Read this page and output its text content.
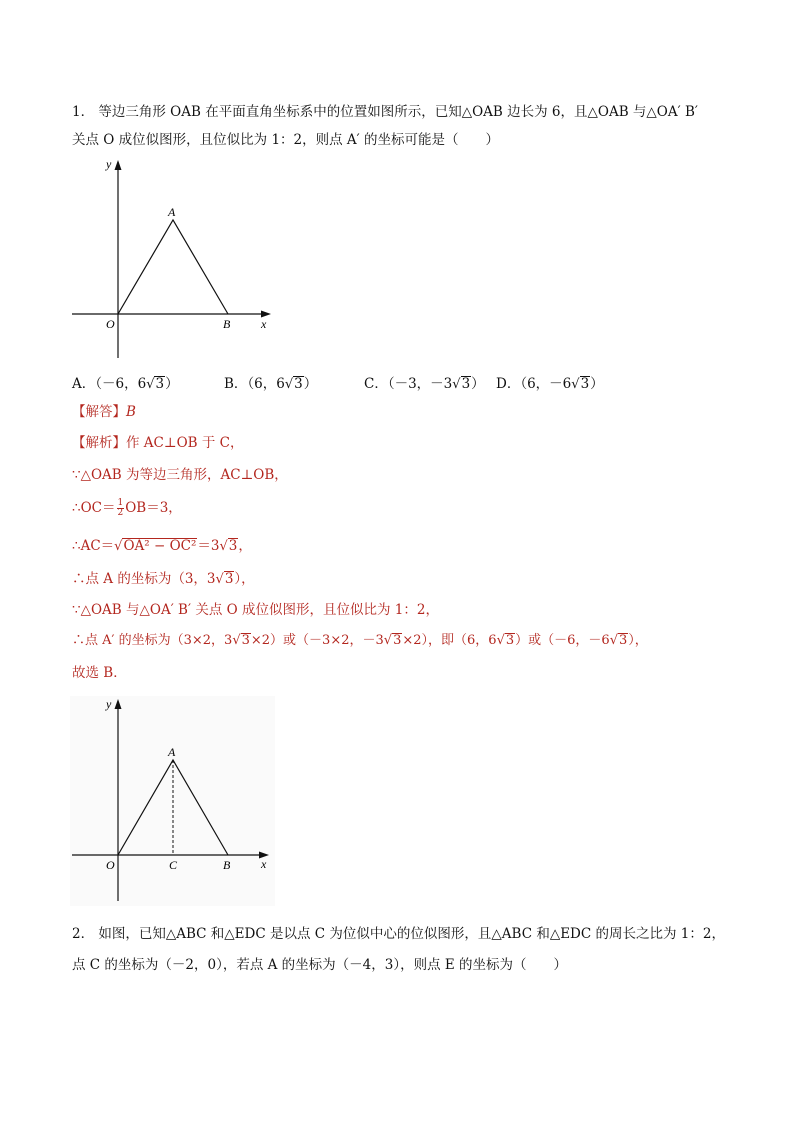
1． 等边三角形 OAB 在平面直角坐标系中的位置如图所示，已知△OAB 边长为 6，且△OAB 与△OA′ B′
关点 O 成位似图形，且位似比为 1：2，则点 A′ 的坐标可能是（　　）
y
x
O
A
B
A．（－6，6√3）	B．（6，6√3）	C．（－3，－3√3） D．（6，－6√3）
【解答】B
【解析】作 AC⊥OB 于 C，
∵△OAB 为等边三角形，AC⊥OB，
∴OC＝ $\frac{1}{2} OB=3$，
∴AC＝√OA² − OC²＝3√3，
∴点 A 的坐标为（3，3√3），
∵△OAB 与△OA′ B′ 关点 O 成位似图形，且位似比为 1：2，
∴点 A′ 的坐标为（3×2，3√3×2）或（－3×2，－3√3×2），即（6，6√3）或（－6，－6√3），
故选 B．
y
x
O
A
C	B
2． 如图，已知△ABC 和△EDC 是以点 C 为位似中心的位似图形，且△ABC 和△EDC 的周长之比为 1：2，
点 C 的坐标为（－2，0），若点 A 的坐标为（－4，3），则点 E 的坐标为（　　）
